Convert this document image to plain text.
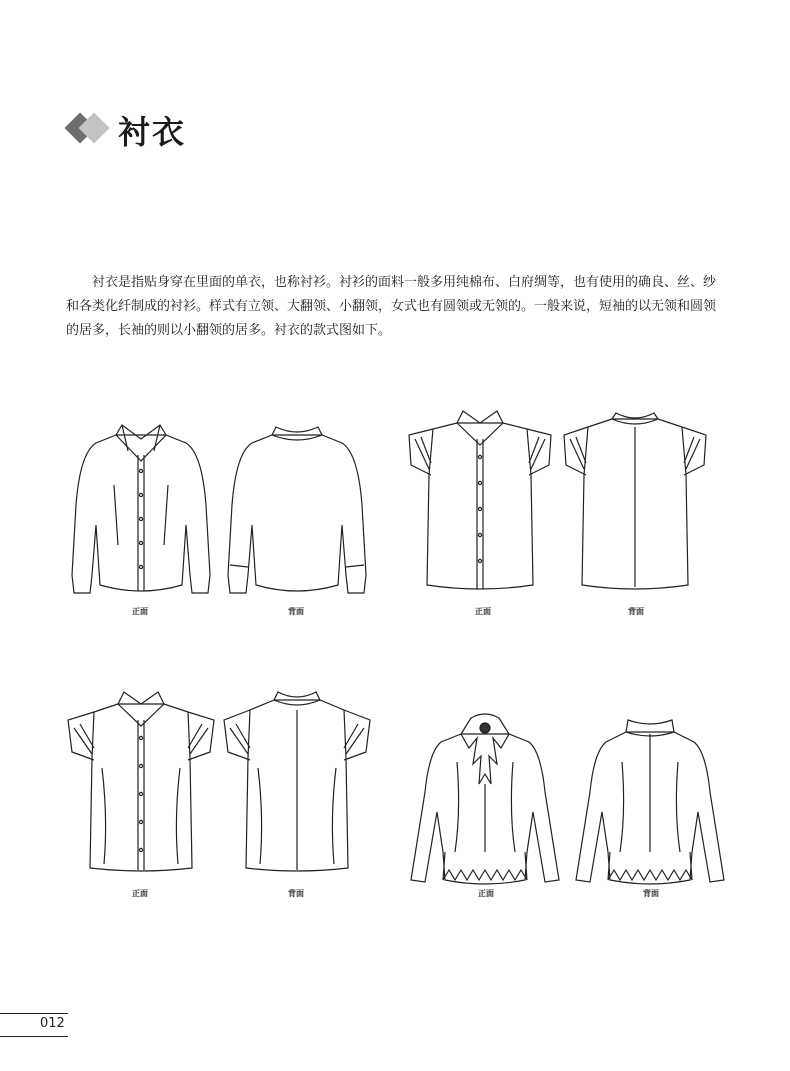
衬衣
衬衣是指贴身穿在里面的单衣，也称衬衫。衬衫的面料一般多用纯棉布、白府绸等，也有使用的确良、丝、纱和各类化纤制成的衬衫。样式有立领、大翻领、小翻领，女式也有圆领或无领的。一般来说，短袖的以无领和圆领的居多，长袖的则以小翻领的居多。衬衣的款式图如下。
正面	背面	正面	背面
正面	背面	正面	背面
012
